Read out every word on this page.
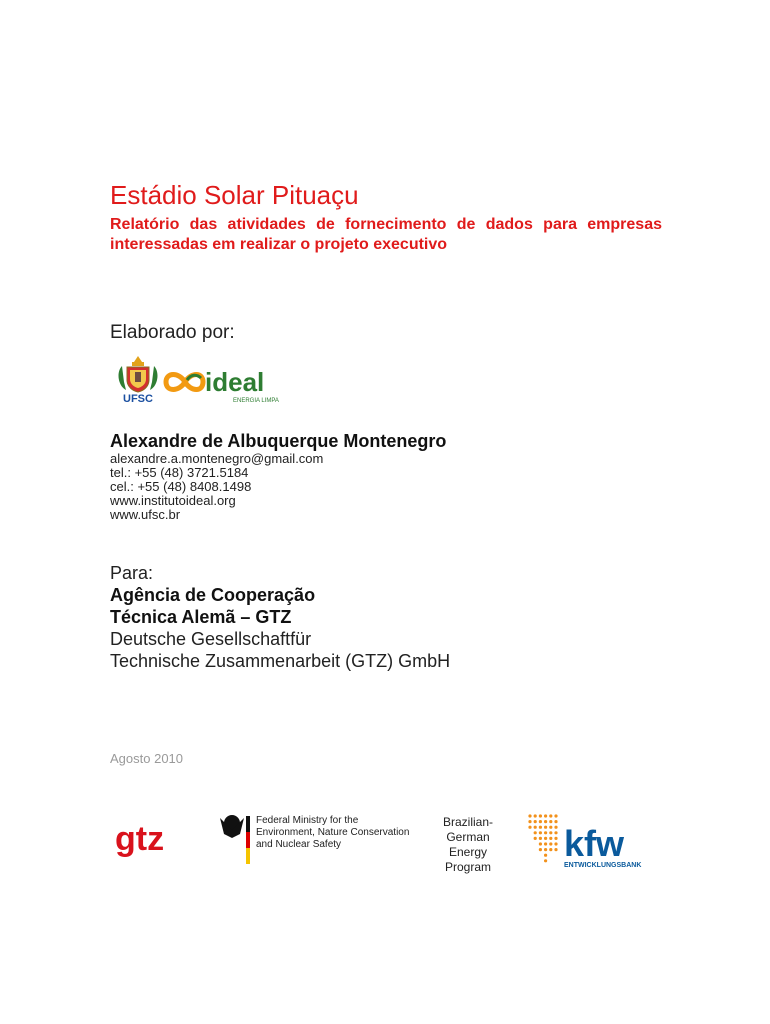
Estádio Solar Pituaçu

Relatório das atividades de fornecimento de dados para empresas interessadas em realizar o projeto executivo

Elaborado por:
UFSC
ideal
ENERGIA LIMPA
Alexandre de Albuquerque Montenegro
alexandre.a.montenegro@gmail.com
tel.: +55 (48) 3721.5184
cel.: +55 (48) 8408.1498
www.institutoideal.org
www.ufsc.br
Para:
Agência de Cooperação
Técnica Alemã – GTZ
Deutsche Gesellschaftfür
Technische Zusammenarbeit (GTZ) GmbH
Agosto 2010
gtz	Federal Ministry for the
Environment, Nature Conservation
and Nuclear Safety
Brazilian-
German
Energy
Program
kfw
ENTWICKLUNGSBANK
